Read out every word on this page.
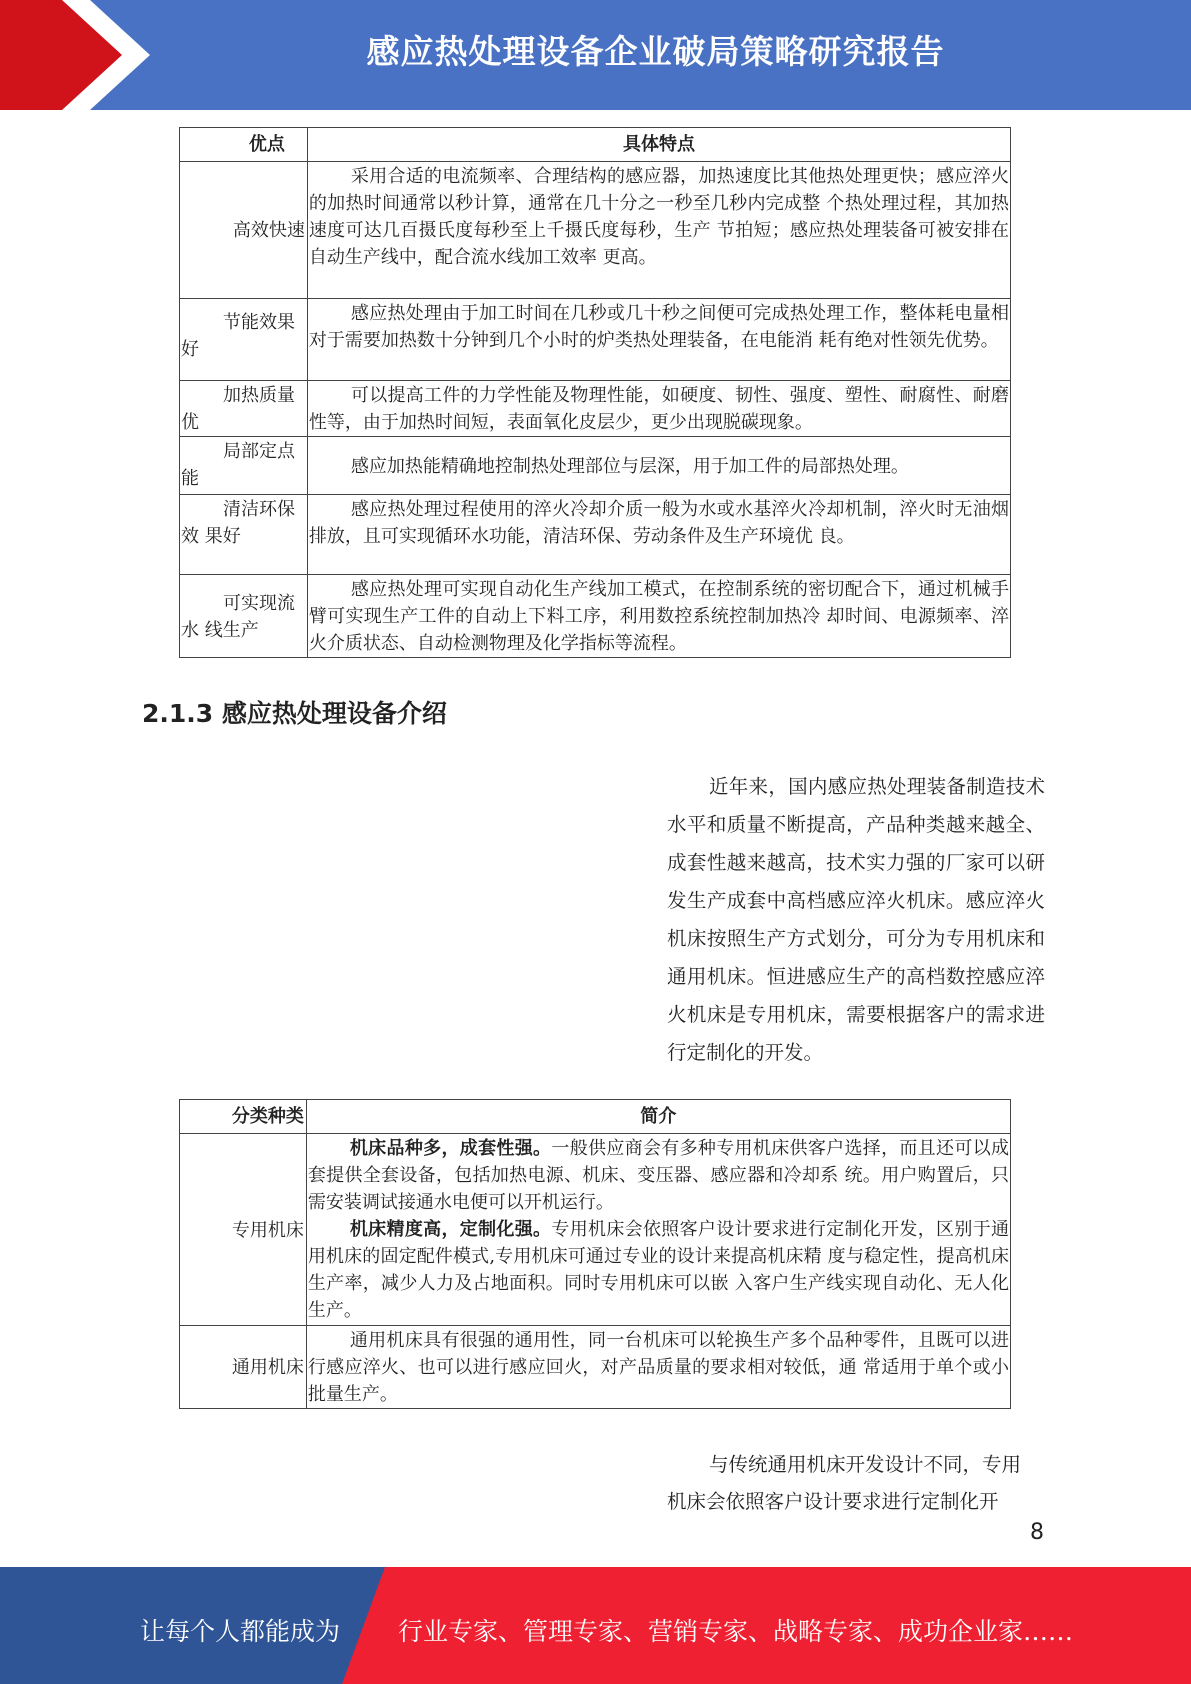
感应热处理设备企业破局策略研究报告
优点	具体特点
高效快速	采用合适的电流频率、合理结构的感应器，加热速度比其他热处理更快；感应淬火的加热时间通常以秒计算，通常在几十分之一秒至几秒内完成整 个热处理过程，其加热速度可达几百摄氏度每秒至上千摄氏度每秒，生产 节拍短；感应热处理装备可被安排在自动生产线中，配合流水线加工效率 更高。

节能效果好	感应热处理由于加工时间在几秒或几十秒之间便可完成热处理工作，整体耗电量相对于需要加热数十分钟到几个小时的炉类热处理装备，在电能消 耗有绝对性领先优势。

加热质量优	可以提高工件的力学性能及物理性能，如硬度、韧性、强度、塑性、耐腐性、耐磨性等，由于加热时间短，表面氧化皮层少，更少出现脱碳现象。

局部定点能	感应加热能精确地控制热处理部位与层深，用于加工件的局部热处理。

清洁环保效 果好	感应热处理过程使用的淬火冷却介质一般为水或水基淬火冷却机制，淬火时无油烟排放，且可实现循环水功能，清洁环保、劳动条件及生产环境优 良。

可实现流水 线生产	感应热处理可实现自动化生产线加工模式，在控制系统的密切配合下，通过机械手臂可实现生产工件的自动上下料工序，利用数控系统控制加热冷 却时间、电源频率、淬火介质状态、自动检测物理及化学指标等流程。

2.1.3 感应热处理设备介绍

近年来，国内感应热处理装备制造技术水平和质量不断提高，产品种类越来越全、成套性越来越高，技术实力强的厂家可以研发生产成套中高档感应淬火机床。感应淬火机床按照生产方式划分，可分为专用机床和通用机床。恒进感应生产的高档数控感应淬火机床是专用机床，需要根据客户的需求进行定制化的开发。

分类种类	简介
专用机床	机床品种多，成套性强。一般供应商会有多种专用机床供客户选择，而且还可以成套提供全套设备，包括加热电源、机床、变压器、感应器和冷却系 统。用户购置后，只需安装调试接通水电便可以开机运行。

机床精度高，定制化强。专用机床会依照客户设计要求进行定制化开发，区别于通用机床的固定配件模式,专用机床可通过专业的设计来提高机床精 度与稳定性，提高机床生产率，减少人力及占地面积。同时专用机床可以嵌 入客户生产线实现自动化、无人化生产。

通用机床	通用机床具有很强的通用性，同一台机床可以轮换生产多个品种零件，且既可以进行感应淬火、也可以进行感应回火，对产品质量的要求相对较低，通 常适用于单个或小批量生产。

与传统通用机床开发设计不同，专用

机床会依照客户设计要求进行定制化开

8
让每个人都能成为 行业专家、管理专家、营销专家、战略专家、成功企业家……
